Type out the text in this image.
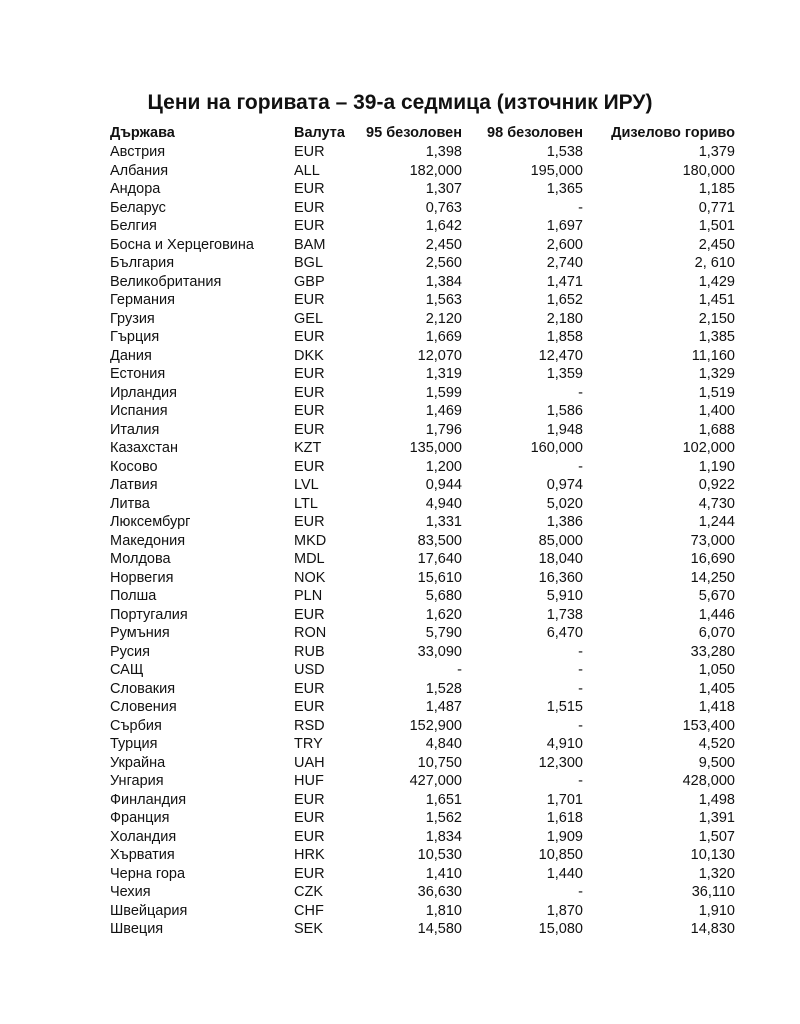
Цени на горивата – 39-а седмица (източник ИРУ)
Държава	Валута	95 безоловен	98 безоловен	Дизелово гориво
Австрия	EUR	1,398	1,538	1,379
Албания	ALL	182,000	195,000	180,000
Андора	EUR	1,307	1,365	1,185
Беларус	EUR	0,763	-	0,771
Белгия	EUR	1,642	1,697	1,501
Босна и Херцеговина	BAM	2,450	2,600	2,450
България	BGL	2,560	2,740	2, 610
Великобритания	GBP	1,384	1,471	1,429
Германия	EUR	1,563	1,652	1,451
Грузия	GEL	2,120	2,180	2,150
Гърция	EUR	1,669	1,858	1,385
Дания	DKK	12,070	12,470	11,160
Естония	EUR	1,319	1,359	1,329
Ирландия	EUR	1,599	-	1,519
Испания	EUR	1,469	1,586	1,400
Италия	EUR	1,796	1,948	1,688
Казахстан	KZT	135,000	160,000	102,000
Косово	EUR	1,200	-	1,190
Латвия	LVL	0,944	0,974	0,922
Литва	LTL	4,940	5,020	4,730
Люксембург	EUR	1,331	1,386	1,244
Македония	MKD	83,500	85,000	73,000
Молдова	MDL	17,640	18,040	16,690
Норвегия	NOK	15,610	16,360	14,250
Полша	PLN	5,680	5,910	5,670
Португалия	EUR	1,620	1,738	1,446
Румъния	RON	5,790	6,470	6,070
Русия	RUB	33,090	-	33,280
САЩ	USD	-	-	1,050
Словакия	EUR	1,528	-	1,405
Словения	EUR	1,487	1,515	1,418
Сърбия	RSD	152,900	-	153,400
Турция	TRY	4,840	4,910	4,520
Украйна	UAH	10,750	12,300	9,500
Унгария	HUF	427,000	-	428,000
Финландия	EUR	1,651	1,701	1,498
Франция	EUR	1,562	1,618	1,391
Холандия	EUR	1,834	1,909	1,507
Хърватия	HRK	10,530	10,850	10,130
Черна гора	EUR	1,410	1,440	1,320
Чехия	CZK	36,630	-	36,110
Швейцария	CHF	1,810	1,870	1,910
Швеция	SEK	14,580	15,080	14,830
